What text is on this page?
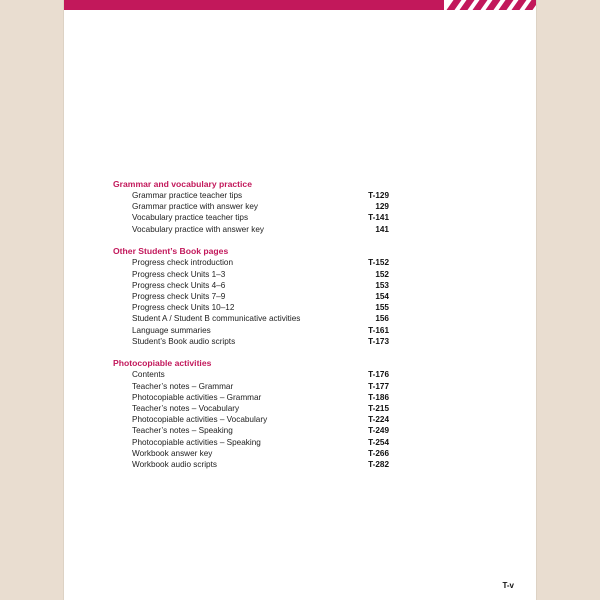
Grammar and vocabulary practice

Grammar practice teacher tips	T-129
Grammar practice with answer key	129
Vocabulary practice teacher tips	T-141
Vocabulary practice with answer key	141

Other Student’s Book pages

Progress check introduction	T-152
Progress check Units 1–3	152
Progress check Units 4–6	153
Progress check Units 7–9	154
Progress check Units 10–12	155
Student A / Student B communicative activities	156
Language summaries	T-161
Student’s Book audio scripts	T-173

Photocopiable activities

Contents	T-176
Teacher’s notes – Grammar	T-177
Photocopiable activities – Grammar	T-186
Teacher’s notes – Vocabulary	T-215
Photocopiable activities – Vocabulary	T-224
Teacher’s notes – Speaking	T-249
Photocopiable activities – Speaking	T-254
Workbook answer key	T-266
Workbook audio scripts	T-282
T-v
